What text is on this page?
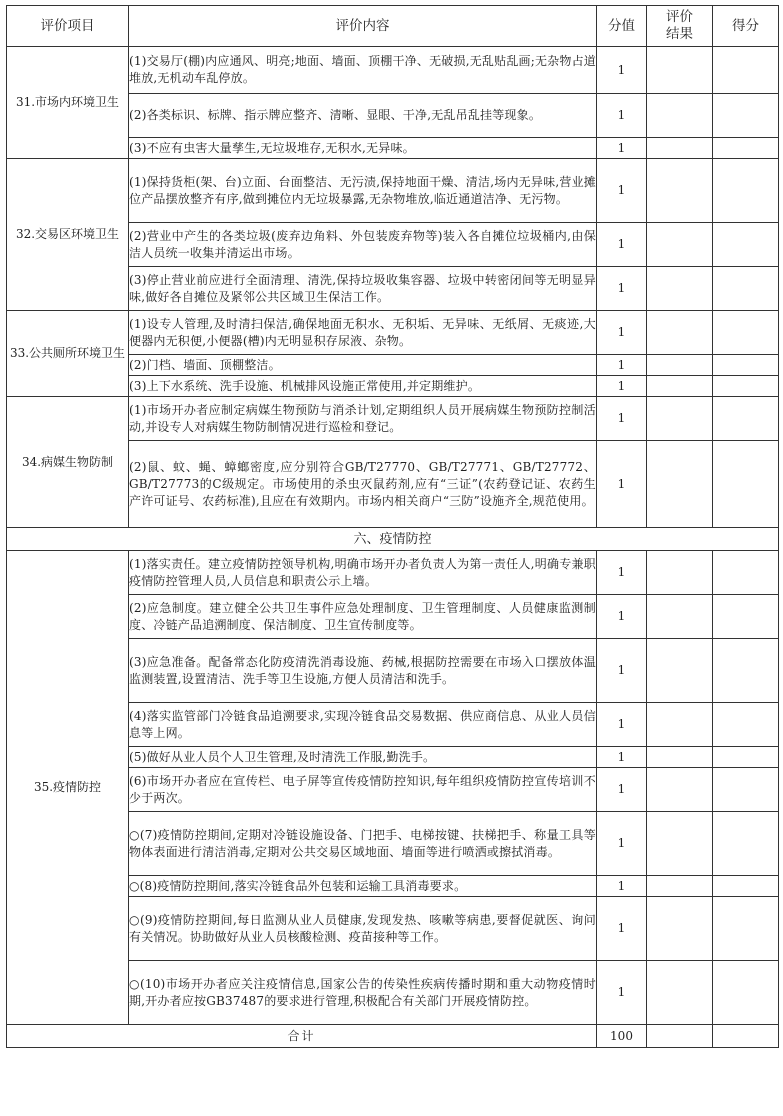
评价项目	评价内容	分值	评价结果	得分
31.市场内环境卫生	(1)交易厅(棚)内应通风、明亮;地面、墙面、顶棚干净、无破损,无乱贴乱画;无杂物占道堆放,无机动车乱停放。	1		
	(2)各类标识、标牌、指示牌应整齐、清晰、显眼、干净,无乱吊乱挂等现象。	1		
	(3)不应有虫害大量孳生,无垃圾堆存,无积水,无异味。	1		
32.交易区环境卫生	(1)保持货柜(架、台)立面、台面整洁、无污渍,保持地面干燥、清洁,场内无异味,营业摊位产品摆放整齐有序,做到摊位内无垃圾暴露,无杂物堆放,临近通道洁净、无污物。	1		
	(2)营业中产生的各类垃圾(废弃边角料、外包装废弃物等)装入各自摊位垃圾桶内,由保洁人员统一收集并清运出市场。	1		
	(3)停止营业前应进行全面清理、清洗,保持垃圾收集容器、垃圾中转密闭间等无明显异味,做好各自摊位及紧邻公共区域卫生保洁工作。	1		
33.公共厕所环境卫生	(1)设专人管理,及时清扫保洁,确保地面无积水、无积垢、无异味、无纸屑、无痰迹,大便器内无积便,小便器(槽)内无明显积存尿液、杂物。	1		
	(2)门档、墙面、顶棚整洁。	1		
	(3)上下水系统、洗手设施、机械排风设施正常使用,并定期维护。	1		
34.病媒生物防制	(1)市场开办者应制定病媒生物预防与消杀计划,定期组织人员开展病媒生物预防控制活动,并设专人对病媒生物防制情况进行巡检和登记。	1		
	(2)鼠、蚊、蝇、蟑螂密度,应分别符合GB/T27770、GB/T27771、GB/T27772、GB/T27773的C级规定。市场使用的杀虫灭鼠药剂,应有“三证”(农药登记证、农药生产许可证号、农药标准),且应在有效期内。市场内相关商户“三防”设施齐全,规范使用。	1		
六、疫情防控				
35.疫情防控	(1)落实责任。建立疫情防控领导机构,明确市场开办者负责人为第一责任人,明确专兼职疫情防控管理人员,人员信息和职责公示上墙。	1		
	(2)应急制度。建立健全公共卫生事件应急处理制度、卫生管理制度、人员健康监测制度、冷链产品追溯制度、保洁制度、卫生宣传制度等。	1		
	(3)应急准备。配备常态化防疫清洗消毒设施、药械,根据防控需要在市场入口摆放体温监测装置,设置清洁、洗手等卫生设施,方便人员清洁和洗手。	1		
	(4)落实监管部门冷链食品追溯要求,实现冷链食品交易数据、供应商信息、从业人员信息等上网。	1		
	(5)做好从业人员个人卫生管理,及时清洗工作服,勤洗手。	1		
	(6)市场开办者应在宣传栏、电子屏等宣传疫情防控知识,每年组织疫情防控宣传培训不少于两次。	1		
	○(7)疫情防控期间,定期对冷链设施设备、门把手、电梯按键、扶梯把手、称量工具等物体表面进行清洁消毒,定期对公共交易区域地面、墙面等进行喷洒或擦拭消毒。	1		
	○(8)疫情防控期间,落实冷链食品外包装和运输工具消毒要求。	1		
	○(9)疫情防控期间,每日监测从业人员健康,发现发热、咳嗽等病患,要督促就医、询问有关情况。协助做好从业人员核酸检测、疫苗接种等工作。	1		
	○(10)市场开办者应关注疫情信息,国家公告的传染性疾病传播时期和重大动物疫情时期,开办者应按GB37487的要求进行管理,积极配合有关部门开展疫情防控。	1		
合计		100		
